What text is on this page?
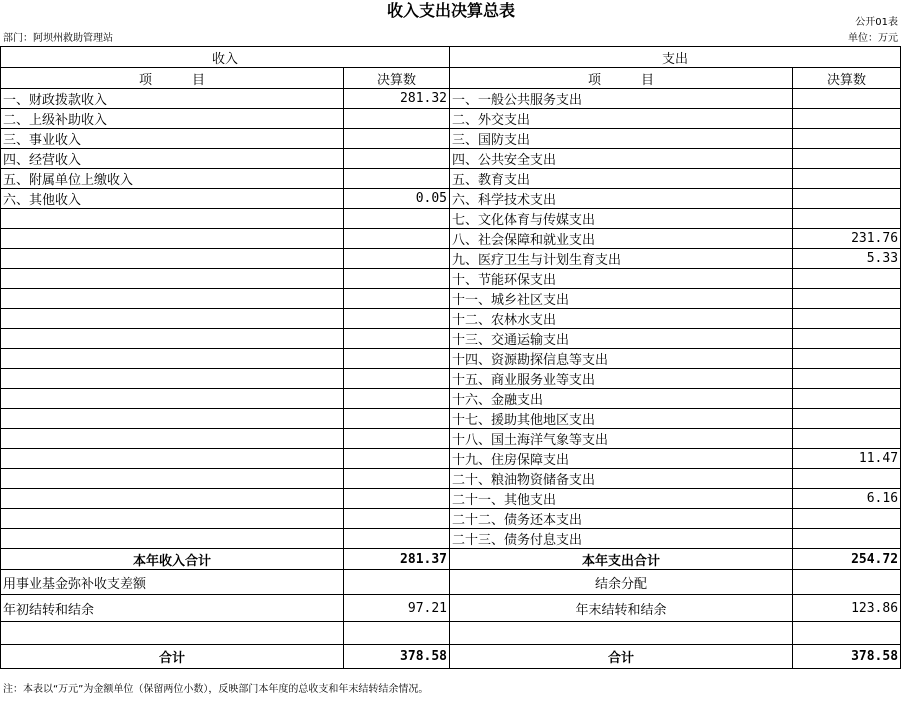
收入支出决算总表
公开01表
部门：阿坝州救助管理站	单位：万元
收入		支出	
项 目	决算数	项 目	决算数
一、财政拨款收入	281.32	一、一般公共服务支出	
二、上级补助收入		二、外交支出	
三、事业收入		三、国防支出	
四、经营收入		四、公共安全支出	
五、附属单位上缴收入		五、教育支出	
六、其他收入	0.05	六、科学技术支出	
		七、文化体育与传媒支出	
		八、社会保障和就业支出	231.76
		九、医疗卫生与计划生育支出	5.33
		十、节能环保支出	
		十一、城乡社区支出	
		十二、农林水支出	
		十三、交通运输支出	
		十四、资源勘探信息等支出	
		十五、商业服务业等支出	
		十六、金融支出	
		十七、援助其他地区支出	
		十八、国土海洋气象等支出	
		十九、住房保障支出	11.47
		二十、粮油物资储备支出	
		二十一、其他支出	6.16
		二十二、债务还本支出	
		二十三、债务付息支出	
本年收入合计	281.37	本年支出合计	254.72
用事业基金弥补收支差额		结余分配	
年初结转和结余	97.21	年末结转和结余	123.86

合计	378.58	合计	378.58
注：本表以“万元”为金额单位（保留两位小数），反映部门本年度的总收支和年末结转结余情况。
